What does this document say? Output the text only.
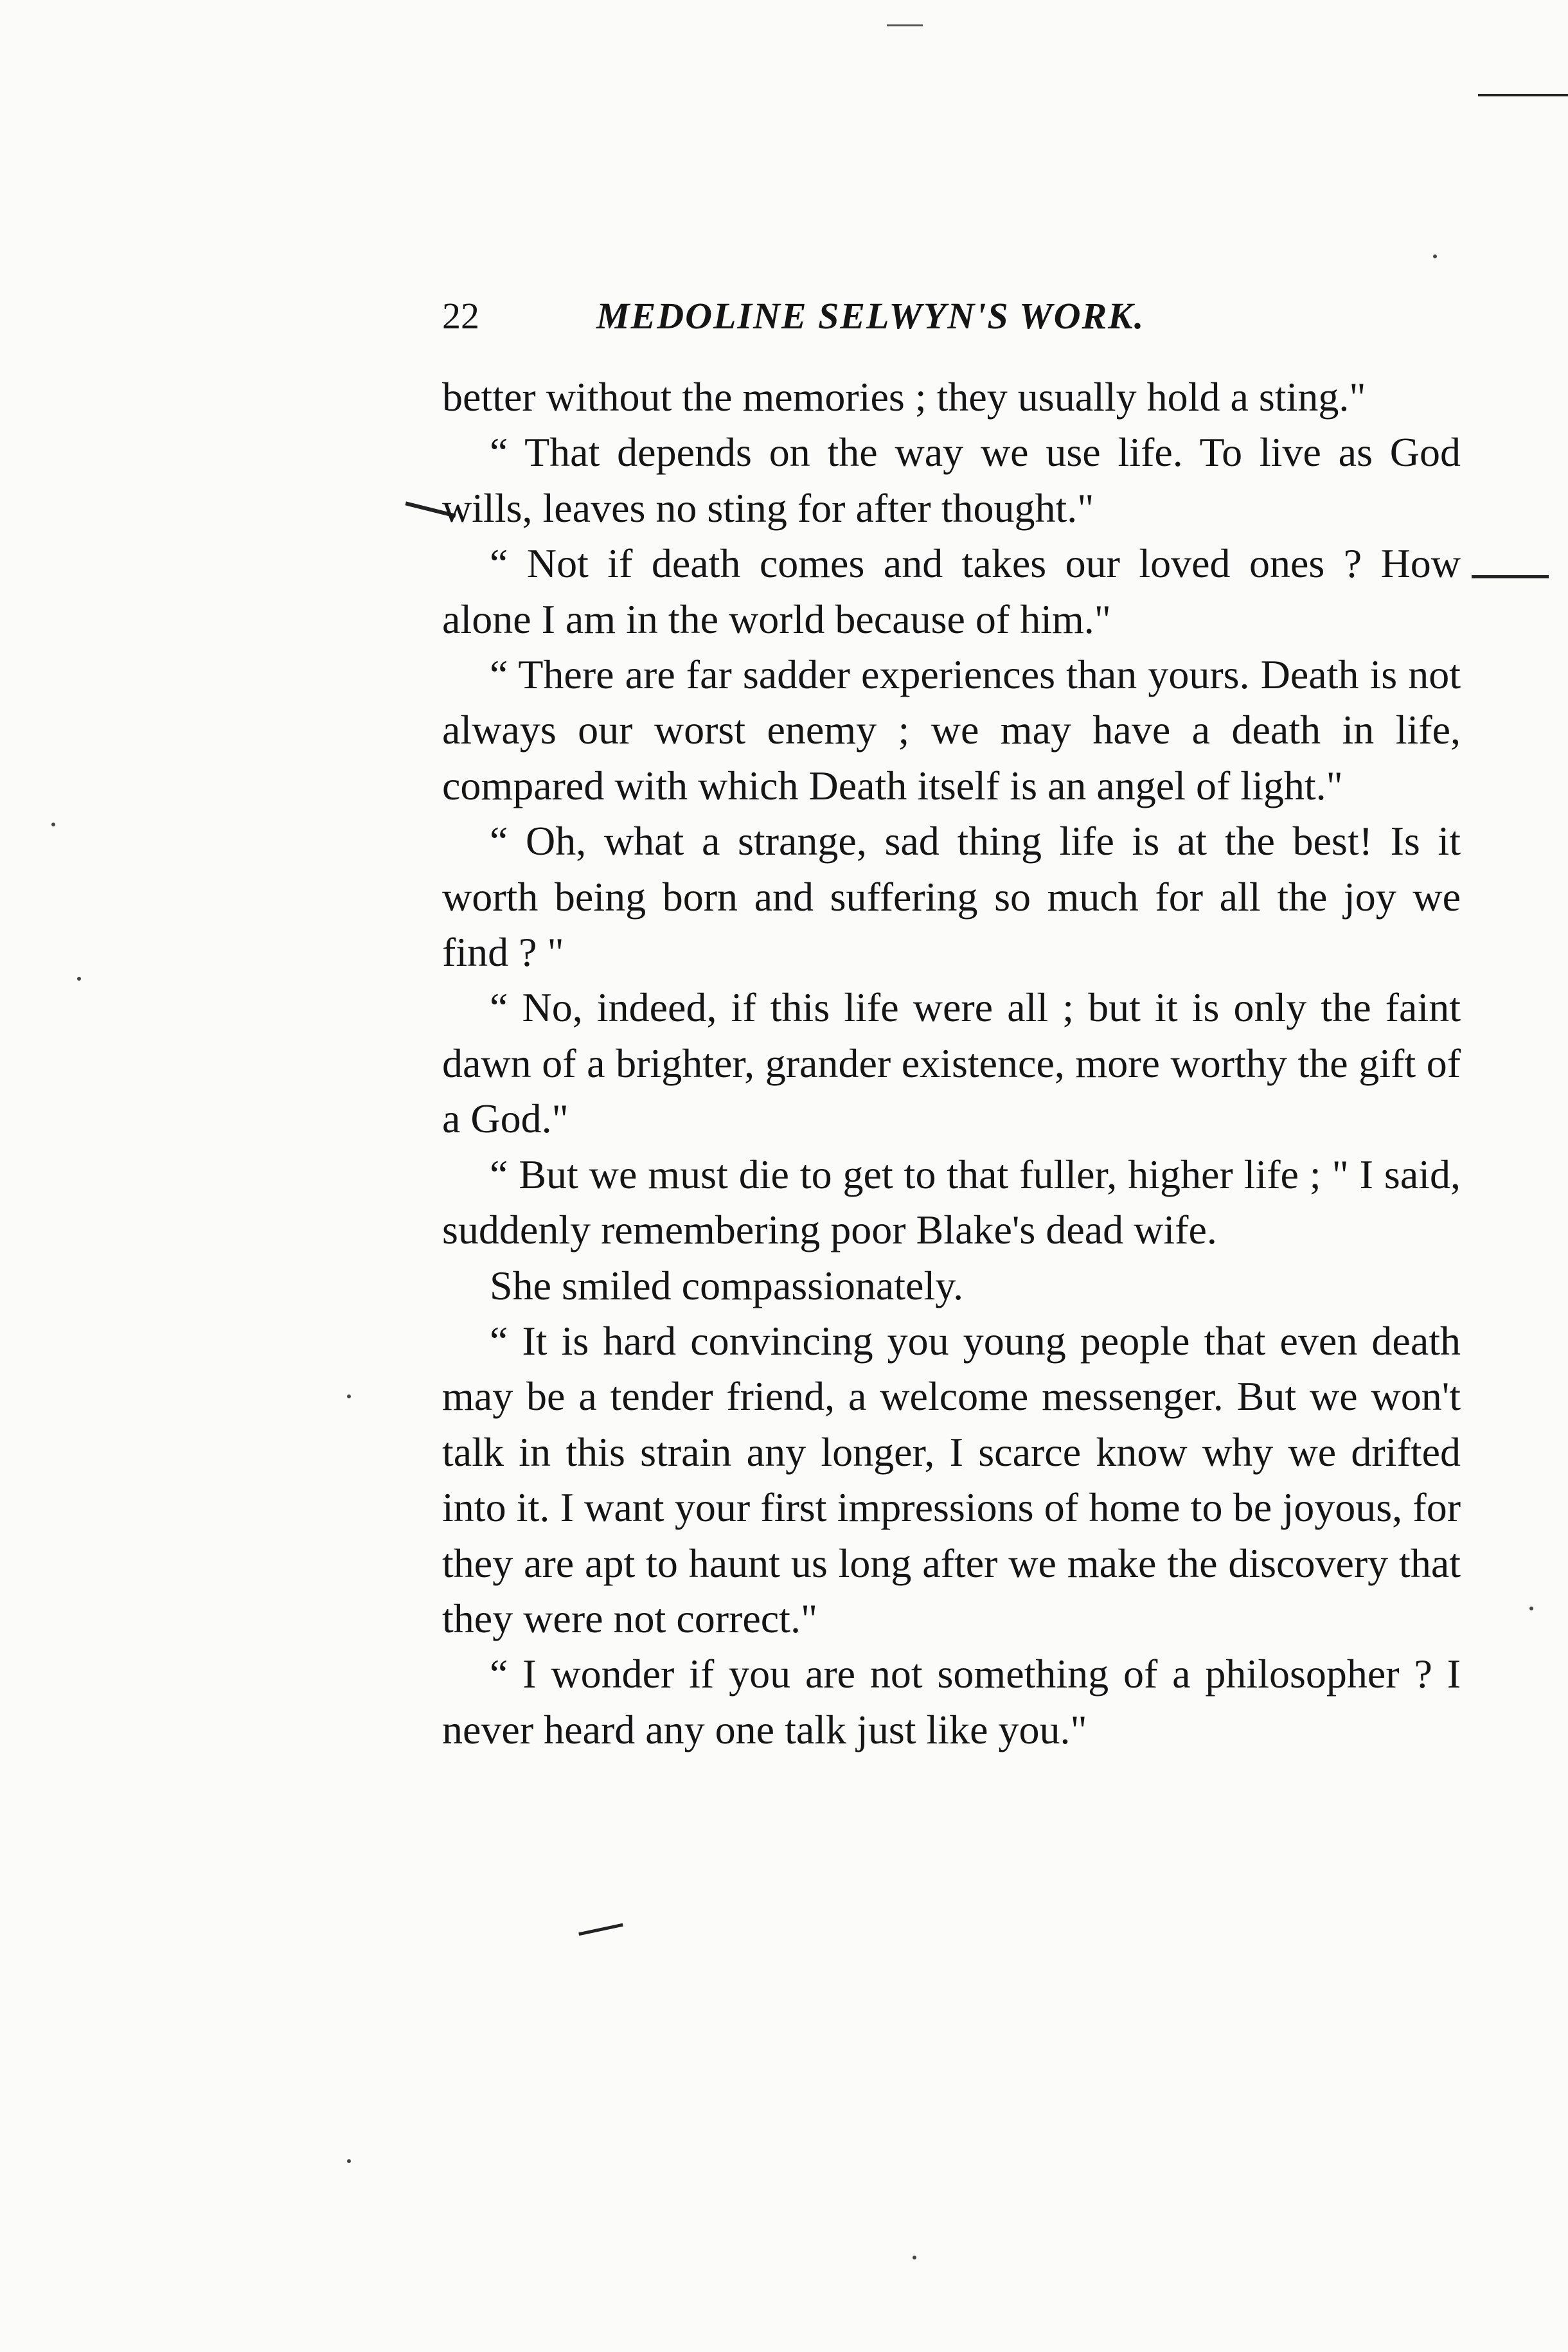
22	MEDOLINE SELWYN'S WORK.

better without the memories ; they usually hold a sting."

“ That depends on the way we use life. To live as God wills, leaves no sting for after thought."

“ Not if death comes and takes our loved ones ? How alone I am in the world because of him."

“ There are far sadder experiences than yours. Death is not always our worst enemy ; we may have a death in life, compared with which Death itself is an angel of light."

“ Oh, what a strange, sad thing life is at the best! Is it worth being born and suffering so much for all the joy we find ? "

“ No, indeed, if this life were all ; but it is only the faint dawn of a brighter, grander existence, more worthy the gift of a God."

“ But we must die to get to that fuller, higher life ; " I said, suddenly remembering poor Blake's dead wife.

She smiled compassionately.

“ It is hard convincing you young people that even death may be a tender friend, a welcome messenger. But we won't talk in this strain any longer, I scarce know why we drifted into it. I want your first impressions of home to be joyous, for they are apt to haunt us long after we make the discovery that they were not correct."

“ I wonder if you are not something of a philosopher ? I never heard any one talk just like you."
